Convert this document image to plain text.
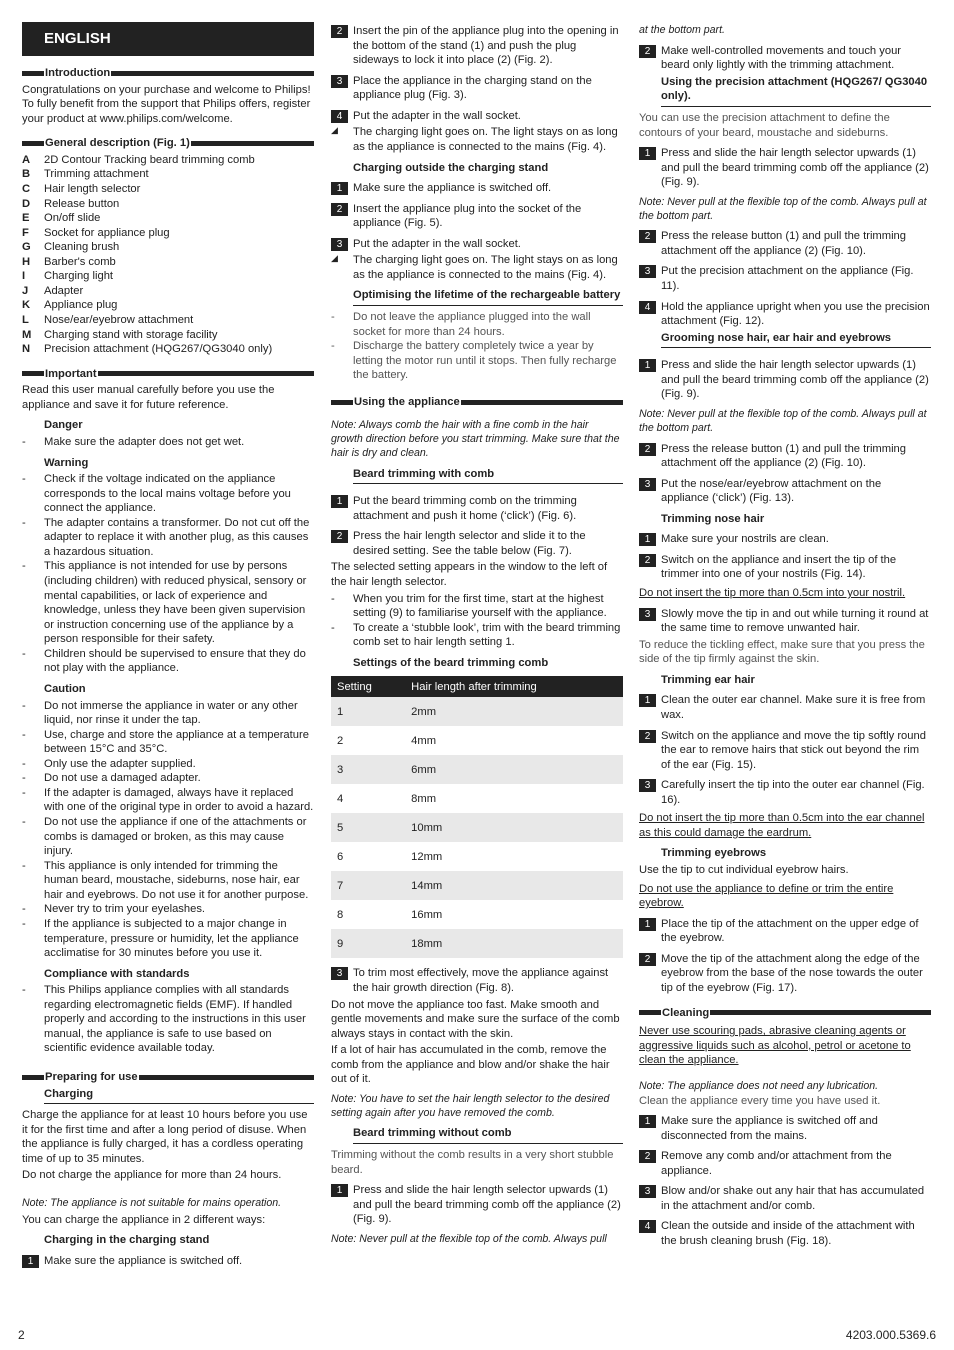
ENGLISH
Introduction

Congratulations on your purchase and welcome to Philips! To fully benefit from the support that Philips offers, register your product at www.philips.com/welcome.

General description (Fig. 1)
A	2D Contour Tracking beard trimming comb
B	Trimming attachment
C	Hair length selector
D	Release button
E	On/off slide
F	Socket for appliance plug
G	Cleaning brush
H	Barber's comb
I	Charging light
J	Adapter
K	Appliance plug
L	Nose/ear/eyebrow attachment
M	Charging stand with storage facility
N	Precision attachment (HQG267/QG3040 only)
Important

Read this user manual carefully before you use the appliance and save it for future reference.

Danger

- Make sure the adapter does not get wet.

Warning

- Check if the voltage indicated on the appliance corresponds to the local mains voltage before you connect the appliance.

- The adapter contains a transformer. Do not cut off the adapter to replace it with another plug, as this causes a hazardous situation.

- This appliance is not intended for use by persons (including children) with reduced physical, sensory or mental capabilities, or lack of experience and knowledge, unless they have been given supervision or instruction concerning use of the appliance by a person responsible for their safety.

- Children should be supervised to ensure that they do not play with the appliance.

Caution

- Do not immerse the appliance in water or any other liquid, nor rinse it under the tap.

- Use, charge and store the appliance at a temperature between 15°C and 35°C.

- Only use the adapter supplied.

- Do not use a damaged adapter.

- If the adapter is damaged, always have it replaced with one of the original type in order to avoid a hazard.

- Do not use the appliance if one of the attachments or combs is damaged or broken, as this may cause injury.

- This appliance is only intended for trimming the human beard, moustache, sideburns, nose hair, ear hair and eyebrows. Do not use it for another purpose.

- Never try to trim your eyelashes.

- If the appliance is subjected to a major change in temperature, pressure or humidity, let the appliance acclimatise for 30 minutes before you use it.

Compliance with standards

- This Philips appliance complies with all standards regarding electromagnetic fields (EMF). If handled properly and according to the instructions in this user manual, the appliance is safe to use based on scientific evidence available today.

Preparing for use
Charging

Charge the appliance for at least 10 hours before you use it for the first time and after a long period of disuse. When the appliance is fully charged, it has a cordless operating time of up to 35 minutes.

Do not charge the appliance for more than 24 hours.

Note: The appliance is not suitable for mains operation.

You can charge the appliance in 2 different ways:

Charging in the charging stand
1 Make sure the appliance is switched off.
2 Insert the pin of the appliance plug into the opening in the bottom of the stand (1) and push the plug sideways to lock it into place (2) (Fig. 2).
3 Place the appliance in the charging stand on the appliance plug (Fig. 3).
4 Put the adapter in the wall socket.
◢	The charging light goes on. The light stays on as long as the appliance is connected to the mains (Fig. 4).
Charging outside the charging stand
1 Make sure the appliance is switched off.
2 Insert the appliance plug into the socket of the appliance (Fig. 5).
3 Put the adapter in the wall socket.
◢	The charging light goes on. The light stays on as long as the appliance is connected to the mains (Fig. 4).
Optimising the lifetime of the rechargeable battery

- Do not leave the appliance plugged into the wall socket for more than 24 hours.

- Discharge the battery completely twice a year by letting the motor run until it stops. Then fully recharge the battery.

Using the appliance

Note: Always comb the hair with a fine comb in the hair growth direction before you start trimming. Make sure that the hair is dry and clean.

Beard trimming with comb
1 Put the beard trimming comb on the trimming attachment and push it home (‘click’) (Fig. 6).
2 Press the hair length selector and slide it to the desired setting. See the table below (Fig. 7).

The selected setting appears in the window to the left of the hair length selector.

- When you trim for the first time, start at the highest setting (9) to familiarise yourself with the appliance.

- To create a ‘stubble look’, trim with the beard trimming comb set to hair length setting 1.

Settings of the beard trimming comb
Setting	Hair length after trimming
1	2mm
2	4mm
3	6mm
4	8mm
5	10mm
6	12mm
7	14mm
8	16mm
9	18mm
3 To trim most effectively, move the appliance against the hair growth direction (Fig. 8).

Do not move the appliance too fast. Make smooth and gentle movements and make sure the surface of the comb always stays in contact with the skin.

If a lot of hair has accumulated in the comb, remove the comb from the appliance and blow and/or shake the hair out of it.

Note: You have to set the hair length selector to the desired setting again after you have removed the comb.

Beard trimming without comb

Trimming without the comb results in a very short stubble beard.

1 Press and slide the hair length selector upwards (1) and pull the beard trimming comb off the appliance (2) (Fig. 9).

Note: Never pull at the flexible top of the comb. Always pull

at the bottom part.

2 Make well-controlled movements and touch your beard only lightly with the trimming attachment.
Using the precision attachment (HQG267/ QG3040 only).

You can use the precision attachment to define the contours of your beard, moustache and sideburns.

1 Press and slide the hair length selector upwards (1) and pull the beard trimming comb off the appliance (2) (Fig. 9).

Note: Never pull at the flexible top of the comb. Always pull at the bottom part.

2 Press the release button (1) and pull the trimming attachment off the appliance (2) (Fig. 10).
3 Put the precision attachment on the appliance (Fig. 11).
4 Hold the appliance upright when you use the precision attachment (Fig. 12).
Grooming nose hair, ear hair and eyebrows
1 Press and slide the hair length selector upwards (1) and pull the beard trimming comb off the appliance (2) (Fig. 9).

Note: Never pull at the flexible top of the comb. Always pull at the bottom part.

2 Press the release button (1) and pull the trimming attachment off the appliance (2) (Fig. 10).
3 Put the nose/ear/eyebrow attachment on the appliance (‘click’) (Fig. 13).
Trimming nose hair
1 Make sure your nostrils are clean.
2 Switch on the appliance and insert the tip of the trimmer into one of your nostrils (Fig. 14).

Do not insert the tip more than 0.5cm into your nostril.

3 Slowly move the tip in and out while turning it round at the same time to remove unwanted hair.

To reduce the tickling effect, make sure that you press the side of the tip firmly against the skin.

Trimming ear hair
1 Clean the outer ear channel. Make sure it is free from wax.
2 Switch on the appliance and move the tip softly round the ear to remove hairs that stick out beyond the rim of the ear (Fig. 15).
3 Carefully insert the tip into the outer ear channel (Fig. 16).

Do not insert the tip more than 0.5cm into the ear channel as this could damage the eardrum.

Trimming eyebrows

Use the tip to cut individual eyebrow hairs.

Do not use the appliance to define or trim the entire eyebrow.

1 Place the tip of the attachment on the upper edge of the eyebrow.
2 Move the tip of the attachment along the edge of the eyebrow from the base of the nose towards the outer tip of the eyebrow (Fig. 17).
Cleaning

Never use scouring pads, abrasive cleaning agents or aggressive liquids such as alcohol, petrol or acetone to clean the appliance.

Note: The appliance does not need any lubrication.

Clean the appliance every time you have used it.

1 Make sure the appliance is switched off and disconnected from the mains.
2 Remove any comb and/or attachment from the appliance.
3 Blow and/or shake out any hair that has accumulated in the attachment and/or comb.
4 Clean the outside and inside of the attachment with the brush cleaning brush (Fig. 18).
2	4203.000.5369.6
